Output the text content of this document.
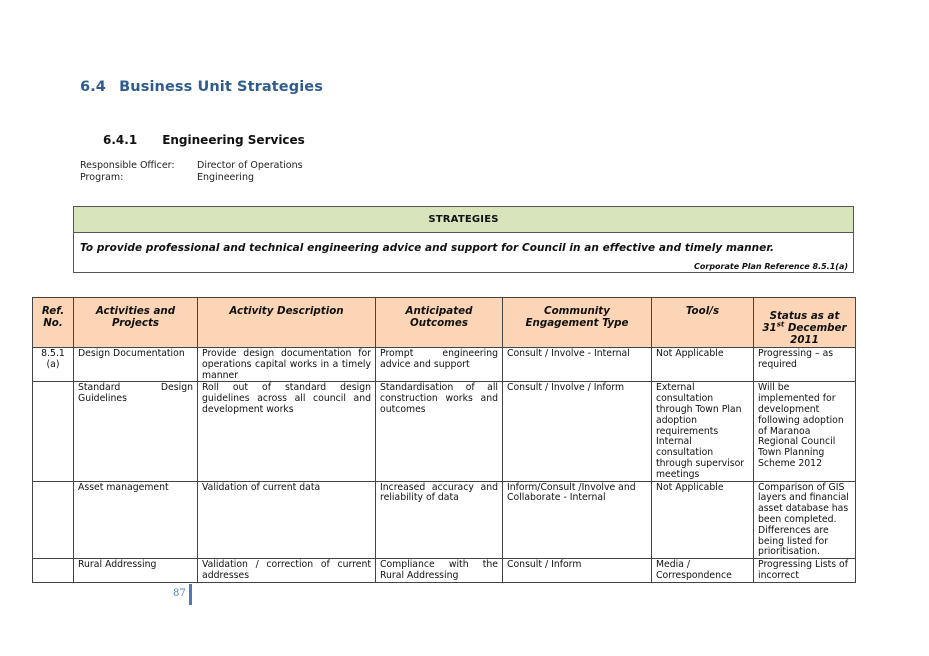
6.4 Business Unit Strategies
6.4.1 Engineering Services
Responsible Officer:	Director of Operations
Program:	Engineering
STRATEGIES
To provide professional and technical engineering advice and support for Council in an effective and timely manner.
Corporate Plan Reference 8.5.1(a)
Ref. No.	Activities and Projects	Activity Description	Anticipated Outcomes	Community Engagement Type	Tool/s	Status as at
31st December 2011
8.5.1 (a)	Design Documentation	Provide design documentation for operations capital works in a timely manner	Prompt engineering advice and support	Consult / Involve - Internal	Not Applicable	Progressing – as required
	Standard Design Guidelines	Roll out of standard design guidelines across all council and development works	Standardisation of all construction works and outcomes	Consult / Involve / Inform	External consultation through Town Plan adoption requirements Internal consultation through supervisor meetings	Will be implemented for development following adoption of Maranoa Regional Council Town Planning Scheme 2012
	Asset management	Validation of current data	Increased accuracy and reliability of data	Inform/Consult /Involve and Collaborate - Internal	Not Applicable	Comparison of GIS layers and financial asset database has been completed. Differences are being listed for prioritisation.
	Rural Addressing	Validation / correction of current addresses	Compliance with the Rural Addressing	Consult / Inform	Media / Correspondence	Progressing Lists of incorrect
87
